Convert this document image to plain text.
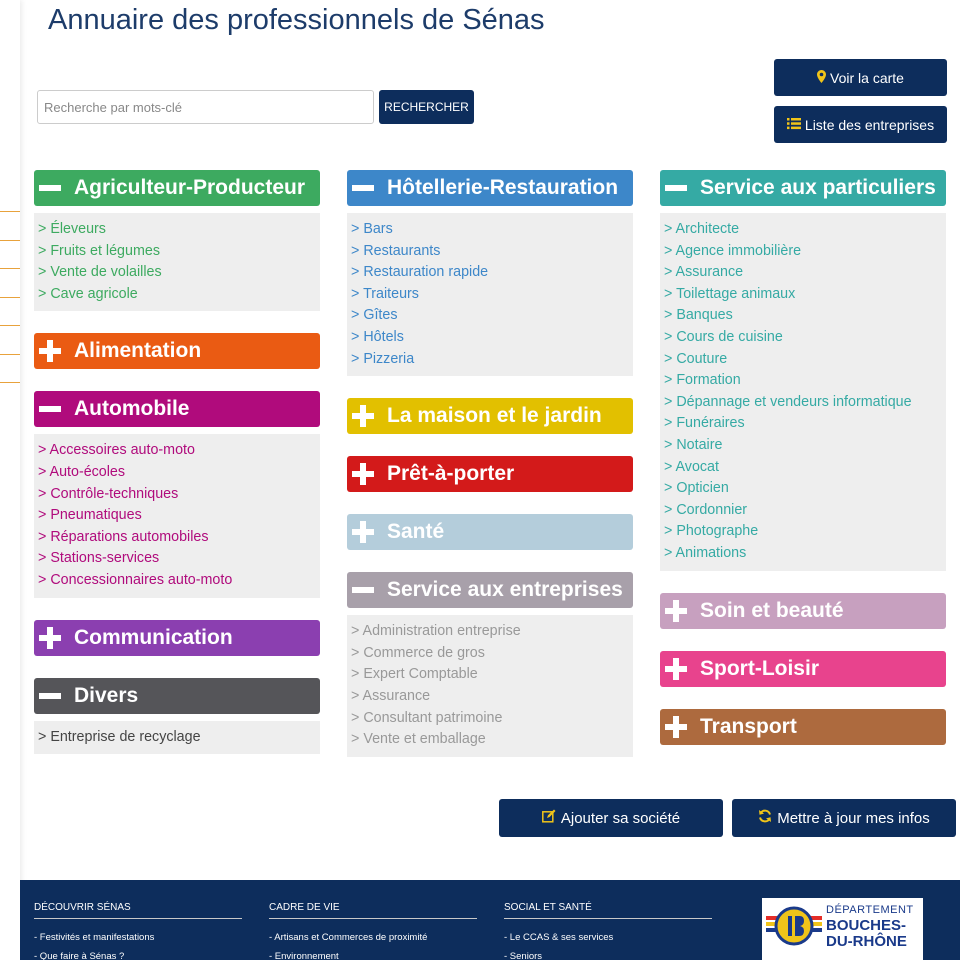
Annuaire des professionnels de Sénas
Recherche par mots-clé
RECHERCHER
Voir la carte
Liste des entreprises
Agriculteur-Producteur
> Éleveurs
> Fruits et légumes
> Vente de volailles
> Cave agricole
Alimentation
Automobile
> Accessoires auto-moto
> Auto-écoles
> Contrôle-techniques
> Pneumatiques
> Réparations automobiles
> Stations-services
> Concessionnaires auto-moto
Communication
Divers
> Entreprise de recyclage
Hôtellerie-Restauration
> Bars
> Restaurants
> Restauration rapide
> Traiteurs
> Gîtes
> Hôtels
> Pizzeria
La maison et le jardin
Prêt-à-porter
Santé
Service aux entreprises
> Administration entreprise
> Commerce de gros
> Expert Comptable
> Assurance
> Consultant patrimoine
> Vente et emballage
Service aux particuliers
> Architecte
> Agence immobilière
> Assurance
> Toilettage animaux
> Banques
> Cours de cuisine
> Couture
> Formation
> Dépannage et vendeurs informatique
> Funéraires
> Notaire
> Avocat
> Opticien
> Cordonnier
> Photographe
> Animations
Soin et beauté
Sport-Loisir
Transport
Ajouter sa société	Mettre à jour mes infos
DÉCOUVRIR SÉNAS
- Festivités et manifestations
- Que faire à Sénas ?
CADRE DE VIE
- Artisans et Commerces de proximité
- Environnement
SOCIAL ET SANTÉ
- Le CCAS & ses services
- Seniors
DÉPARTEMENT
BOUCHES-
DU-RHÔNE
